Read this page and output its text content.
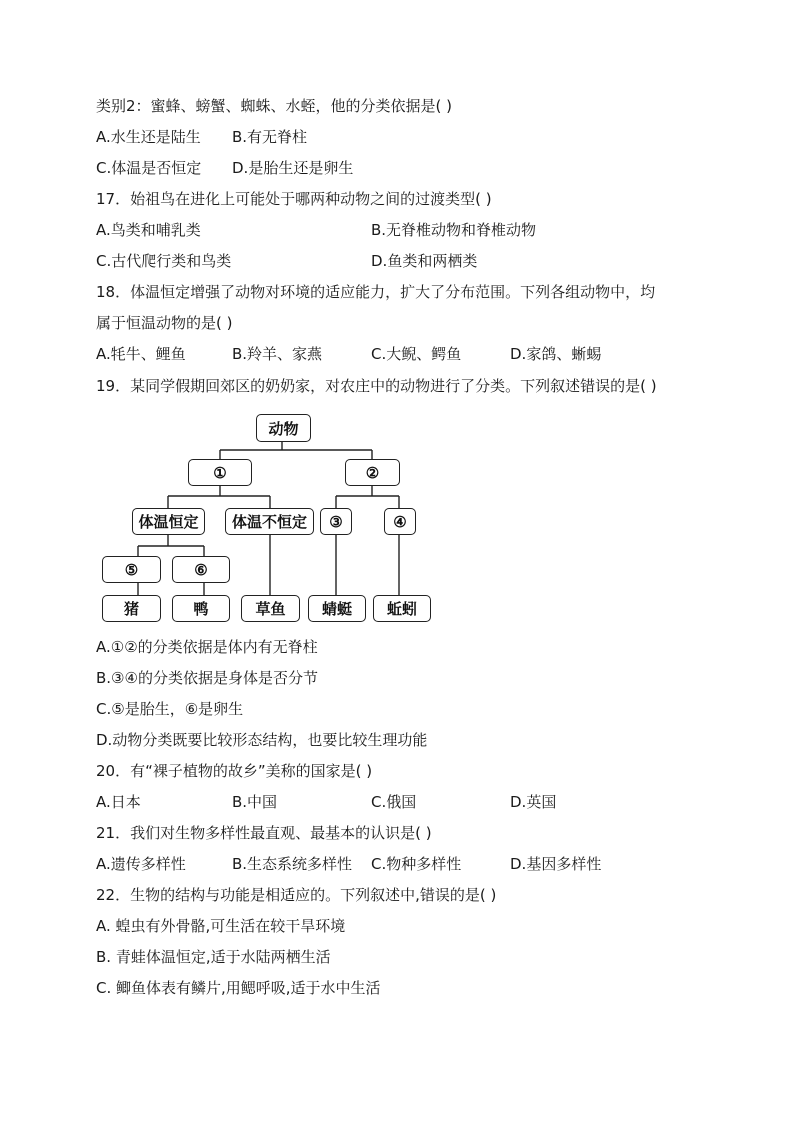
类别2：蜜蜂、螃蟹、蜘蛛、水蛭，他的分类依据是( )
A.水生还是陆生 B.有无脊柱
C.体温是否恒定 D.是胎生还是卵生
17．始祖鸟在进化上可能处于哪两种动物之间的过渡类型( )
A.鸟类和哺乳类	B.无脊椎动物和脊椎动物
C.古代爬行类和鸟类	D.鱼类和两栖类
18．体温恒定增强了动物对环境的适应能力，扩大了分布范围。下列各组动物中，均
属于恒温动物的是( )
A.牦牛、鲤鱼	B.羚羊、家燕	C.大鲵、鳄鱼	D.家鸽、蜥蜴
19．某同学假期回郊区的奶奶家，对农庄中的动物进行了分类。下列叙述错误的是( )
动物
①	②
体温恒定	体温不恒定	③	④
⑤	⑥
猪	鸭	草鱼	蜻蜓	蚯蚓
A.①②的分类依据是体内有无脊柱
B.③④的分类依据是身体是否分节
C.⑤是胎生，⑥是卵生
D.动物分类既要比较形态结构，也要比较生理功能
20．有“裸子植物的故乡”美称的国家是( )
A.日本	B.中国	C.俄国	D.英国
21．我们对生物多样性最直观、最基本的认识是( )
A.遗传多样性	B.生态系统多样性 C.物种多样性	D.基因多样性
22．生物的结构与功能是相适应的。下列叙述中,错误的是( )
A. 蝗虫有外骨骼,可生活在较干旱环境
B. 青蛙体温恒定,适于水陆两栖生活
C. 鲫鱼体表有鳞片,用鳃呼吸,适于水中生活
